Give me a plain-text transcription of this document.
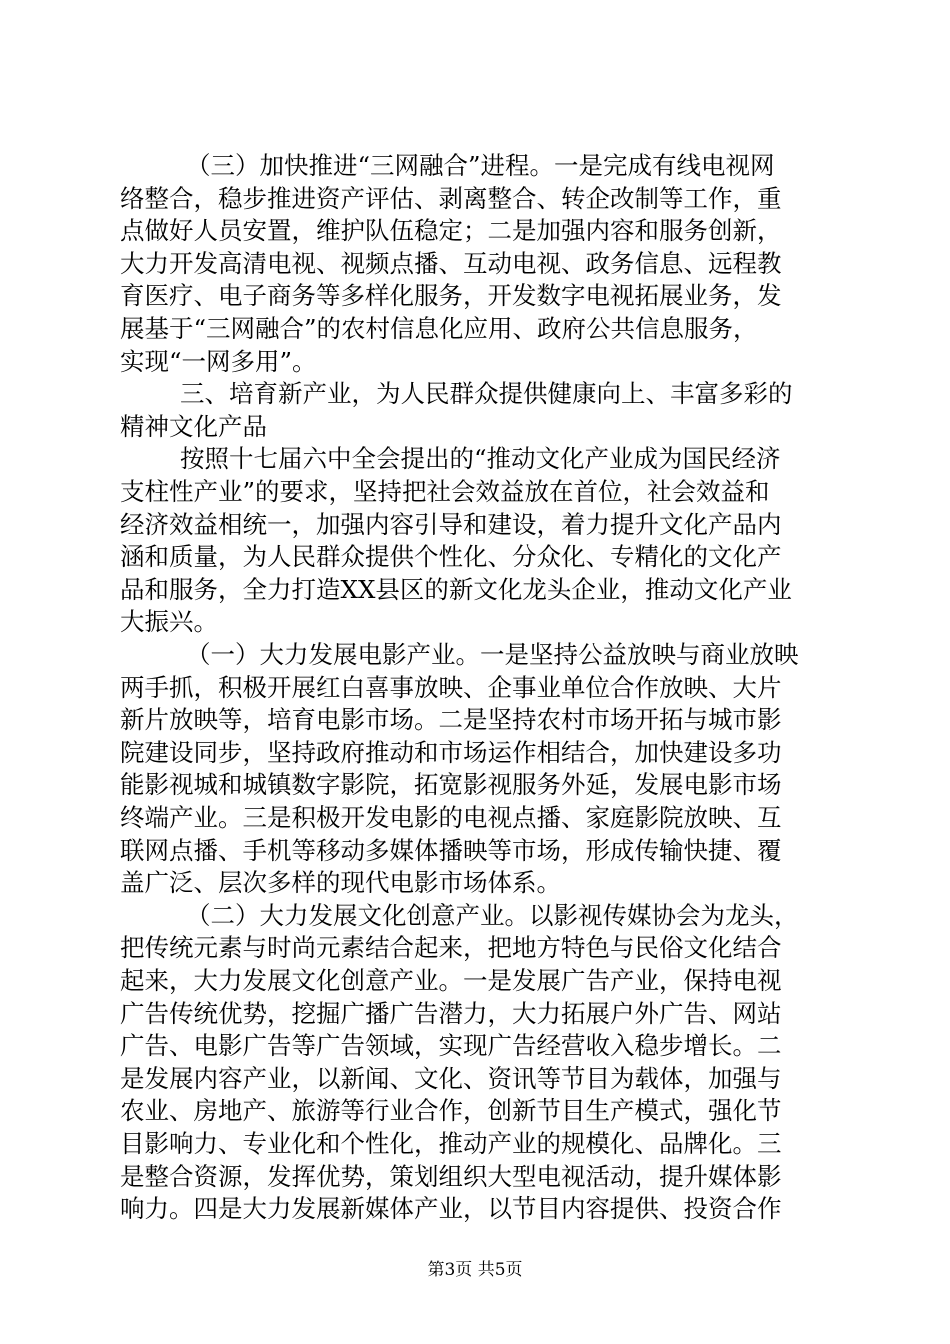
（三）加快推进“三网融合”进程。一是完成有线电视网
络整合，稳步推进资产评估、剥离整合、转企改制等工作，重
点做好人员安置，维护队伍稳定；二是加强内容和服务创新，
大力开发高清电视、视频点播、互动电视、政务信息、远程教
育医疗、电子商务等多样化服务，开发数字电视拓展业务，发
展基于“三网融合”的农村信息化应用、政府公共信息服务，
实现“一网多用”。
三、培育新产业，为人民群众提供健康向上、丰富多彩的
精神文化产品
按照十七届六中全会提出的“推动文化产业成为国民经济
支柱性产业”的要求，坚持把社会效益放在首位，社会效益和
经济效益相统一，加强内容引导和建设，着力提升文化产品内
涵和质量，为人民群众提供个性化、分众化、专精化的文化产
品和服务，全力打造XX县区的新文化龙头企业，推动文化产业
大振兴。
（一）大力发展电影产业。一是坚持公益放映与商业放映
两手抓，积极开展红白喜事放映、企事业单位合作放映、大片
新片放映等，培育电影市场。二是坚持农村市场开拓与城市影
院建设同步，坚持政府推动和市场运作相结合，加快建设多功
能影视城和城镇数字影院，拓宽影视服务外延，发展电影市场
终端产业。三是积极开发电影的电视点播、家庭影院放映、互
联网点播、手机等移动多媒体播映等市场，形成传输快捷、覆
盖广泛、层次多样的现代电影市场体系。
（二）大力发展文化创意产业。以影视传媒协会为龙头，
把传统元素与时尚元素结合起来，把地方特色与民俗文化结合
起来，大力发展文化创意产业。一是发展广告产业，保持电视
广告传统优势，挖掘广播广告潜力，大力拓展户外广告、网站
广告、电影广告等广告领域，实现广告经营收入稳步增长。二
是发展内容产业，以新闻、文化、资讯等节目为载体，加强与
农业、房地产、旅游等行业合作，创新节目生产模式，强化节
目影响力、专业化和个性化，推动产业的规模化、品牌化。三
是整合资源，发挥优势，策划组织大型电视活动，提升媒体影
响力。四是大力发展新媒体产业，以节目内容提供、投资合作
第3页 共5页
